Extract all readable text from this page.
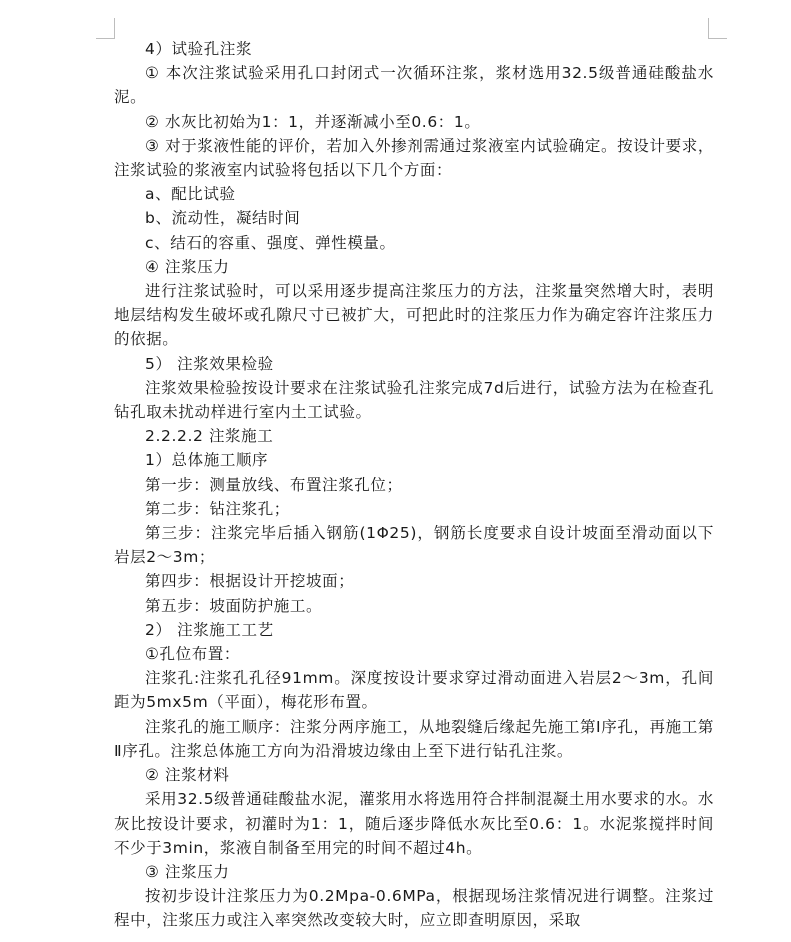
4）试验孔注浆

① 本次注浆试验采用孔口封闭式一次循环注浆，浆材选用32.5级普通硅酸盐水泥。

② 水灰比初始为1：1，并逐渐减小至0.6：1。

③ 对于浆液性能的评价，若加入外掺剂需通过浆液室内试验确定。按设计要求，注浆试验的浆液室内试验将包括以下几个方面：

a、配比试验

b、流动性，凝结时间

c、结石的容重、强度、弹性模量。

④ 注浆压力

进行注浆试验时，可以采用逐步提高注浆压力的方法，注浆量突然增大时，表明地层结构发生破坏或孔隙尺寸已被扩大，可把此时的注浆压力作为确定容许注浆压力的依据。

5） 注浆效果检验

注浆效果检验按设计要求在注浆试验孔注浆完成7d后进行，试验方法为在检查孔钻孔取未扰动样进行室内土工试验。

2.2.2.2 注浆施工

1）总体施工顺序

第一步：测量放线、布置注浆孔位；

第二步：钻注浆孔；

第三步：注浆完毕后插入钢筋(1Φ25)，钢筋长度要求自设计坡面至滑动面以下岩层2～3m；

第四步：根据设计开挖坡面；

第五步：坡面防护施工。

2） 注浆施工工艺

①孔位布置：

注浆孔:注浆孔孔径91mm。深度按设计要求穿过滑动面进入岩层2～3m，孔间距为5mx5m（平面），梅花形布置。

注浆孔的施工顺序：注浆分两序施工，从地裂缝后缘起先施工第Ⅰ序孔，再施工第Ⅱ序孔。注浆总体施工方向为沿滑坡边缘由上至下进行钻孔注浆。

② 注浆材料

采用32.5级普通硅酸盐水泥，灌浆用水将选用符合拌制混凝土用水要求的水。水灰比按设计要求，初灌时为1：1，随后逐步降低水灰比至0.6：1。水泥浆搅拌时间不少于3min，浆液自制备至用完的时间不超过4h。

③ 注浆压力

按初步设计注浆压力为0.2Mpa-0.6MPa，根据现场注浆情况进行调整。注浆过程中，注浆压力或注入率突然改变较大时，应立即查明原因，采取
